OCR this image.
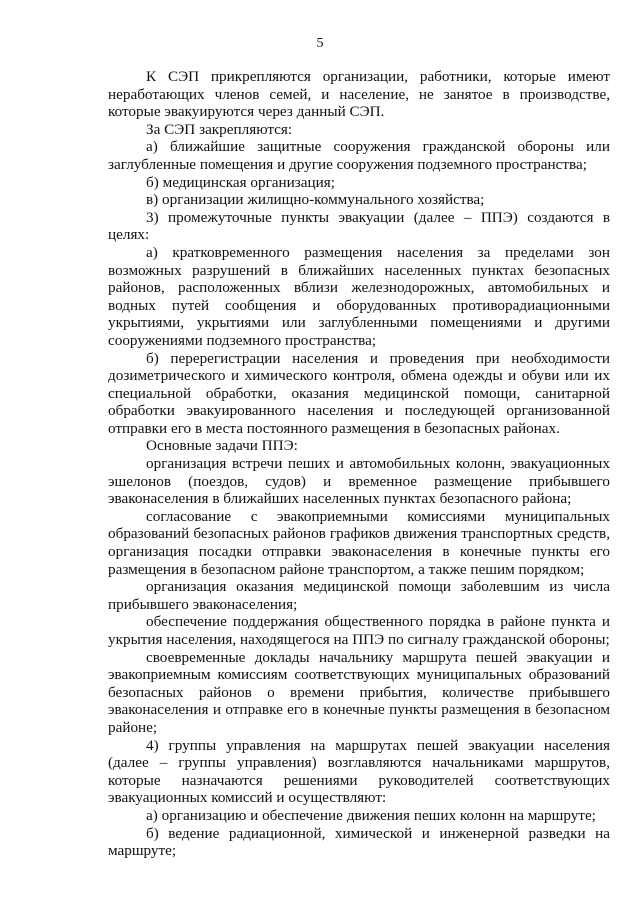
5

К СЭП прикрепляются организации, работники, которые имеют неработающих членов семей, и население, не занятое в производстве, которые эвакуируются через данный СЭП.

За СЭП закрепляются:

а) ближайшие защитные сооружения гражданской обороны или заглубленные помещения и другие сооружения подземного пространства;

б) медицинская организация;

в) организации жилищно-коммунального хозяйства;

3) промежуточные пункты эвакуации (далее – ППЭ) создаются в целях:

а) кратковременного размещения населения за пределами зон возможных разрушений в ближайших населенных пунктах безопасных районов, расположенных вблизи железнодорожных, автомобильных и водных путей сообщения и оборудованных противорадиационными укрытиями, укрытиями или заглубленными помещениями и другими сооружениями подземного пространства;

б) перерегистрации населения и проведения при необходимости дозиметрического и химического контроля, обмена одежды и обуви или их специальной обработки, оказания медицинской помощи, санитарной обработки эвакуированного населения и последующей организованной отправки его в места постоянного размещения в безопасных районах.

Основные задачи ППЭ:

организация встречи пеших и автомобильных колонн, эвакуационных эшелонов (поездов, судов) и временное размещение прибывшего эваконаселения в ближайших населенных пунктах безопасного района;

согласование с эвакоприемными комиссиями муниципальных образований безопасных районов графиков движения транспортных средств, организация посадки отправки эваконаселения в конечные пункты его размещения в безопасном районе транспортом, а также пешим порядком;

организация оказания медицинской помощи заболевшим из числа прибывшего эваконаселения;

обеспечение поддержания общественного порядка в районе пункта и укрытия населения, находящегося на ППЭ по сигналу гражданской обороны;

своевременные доклады начальнику маршрута пешей эвакуации и эвакоприемным комиссиям соответствующих муниципальных образований безопасных районов о времени прибытия, количестве прибывшего эваконаселения и отправке его в конечные пункты размещения в безопасном районе;

4) группы управления на маршрутах пешей эвакуации населения (далее – группы управления) возглавляются начальниками маршрутов, которые назначаются решениями руководителей соответствующих эвакуационных комиссий и осуществляют:

а) организацию и обеспечение движения пеших колонн на маршруте;

б) ведение радиационной, химической и инженерной разведки на маршруте;
